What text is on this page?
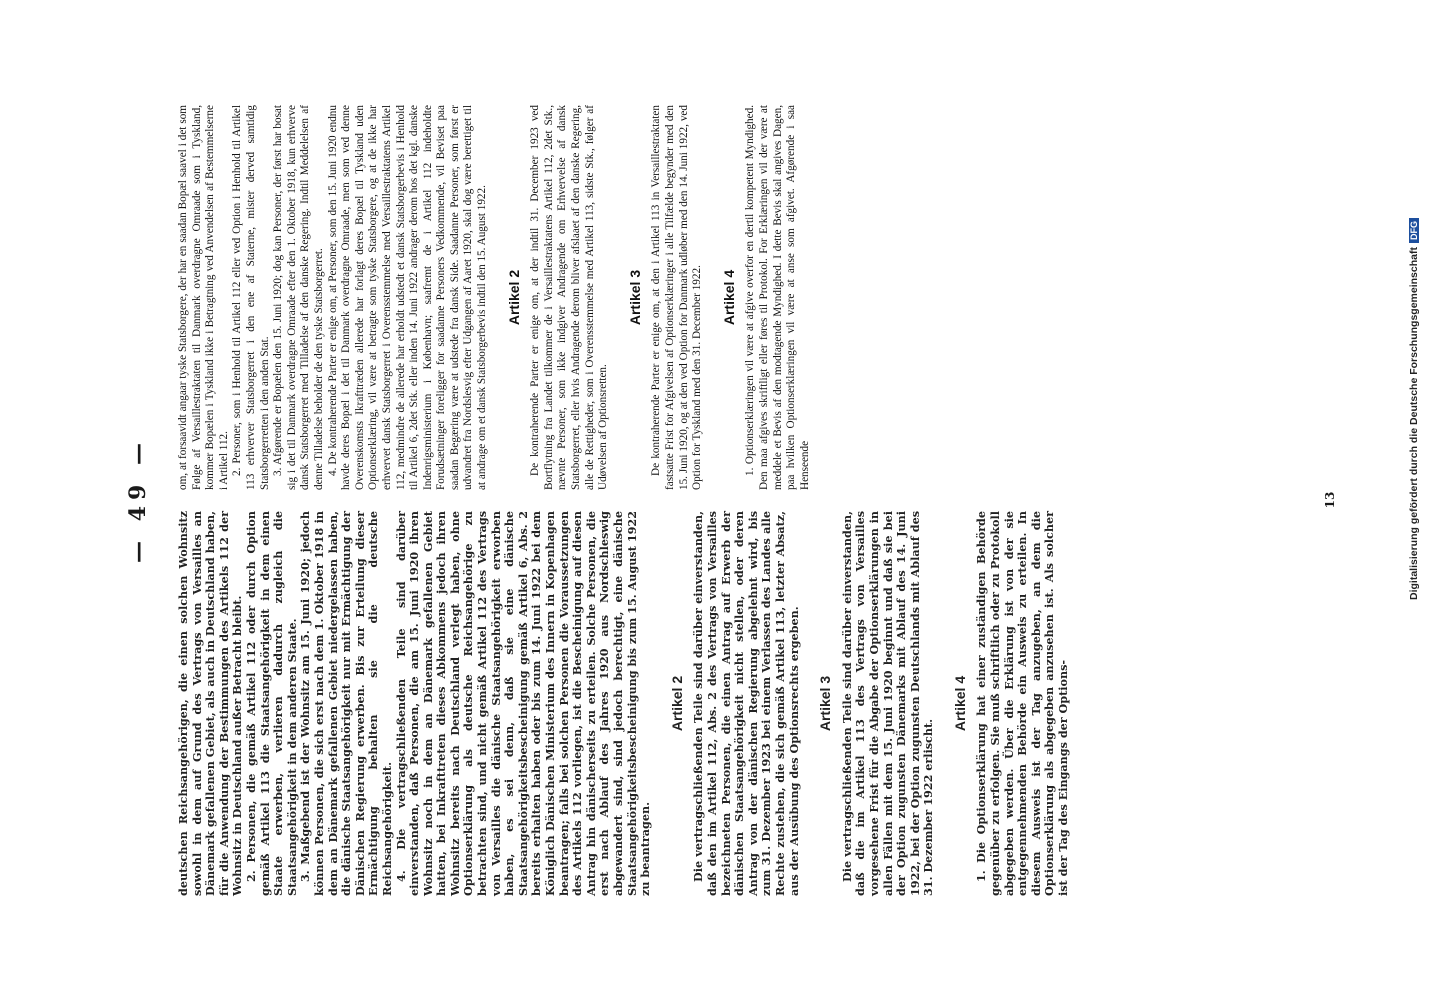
— 49 —

deutschen Reichsangehörigen, die einen solchen Wohnsitz sowohl in dem auf Grund des Vertrags von Versailles an Dänemark gefallenen Gebiet, als auch in Deutschland haben, für die Anwendung der Bestimmungen des Artikels 112 der Wohnsitz in Deutschland außer Betracht bleibt. 2. Personen, die gemäß Artikel 112 oder durch Option gemäß Artikel 113 die Staatsangehörigkeit in dem einen Staate erwerben, verlieren dadurch zugleich die Staatsangehörigkeit in dem anderen Staate. 3. Maßgebend ist der Wohnsitz am 15. Juni 1920; jedoch können Personen, die sich erst nach dem 1. Oktober 1918 in dem an Dänemark gefallenen Gebiet niedergelassen haben, die dänische Staatsangehörigkeit nur mit Ermächtigung der Dänischen Regierung erwerben. Bis zur Erteilung dieser Ermächtigung behalten sie die deutsche Reichsangehörigkeit. 4. Die vertragschließenden Teile sind darüber einverstanden, daß Personen, die am 15. Juni 1920 ihren Wohnsitz noch in dem an Dänemark gefallenen Gebiet hatten, bei Inkrafttreten dieses Abkommens jedoch ihren Wohnsitz bereits nach Deutschland verlegt haben, ohne Optionserklärung als deutsche Reichsangehörige zu betrachten sind, und nicht gemäß Artikel 112 des Vertrags von Versailles die dänische Staatsangehörigkeit erworben haben, es sei denn, daß sie eine dänische Staatsangehörigkeitsbescheinigung gemäß Artikel 6, Abs. 2 bereits erhalten haben oder bis zum 14. Juni 1922 bei dem Königlich Dänischen Ministerium des Innern in Kopenhagen beantragen; falls bei solchen Personen die Voraussetzungen des Artikels 112 vorliegen, ist die Bescheinigung auf diesen Antrag hin dänischerseits zu erteilen. Solche Personen, die erst nach Ablauf des Jahres 1920 aus Nordschleswig abgewandert sind, sind jedoch berechtigt, eine dänische Staatsangehörigkeitsbescheinigung bis zum 15. August 1922 zu beantragen.

Artikel 2 Die vertragschließenden Teile sind darüber einverstanden, daß den im Artikel 112, Abs. 2 des Vertrags von Versailles bezeichneten Personen, die einen Antrag auf Erwerb der dänischen Staatsangehörigkeit nicht stellen, oder deren Antrag von der dänischen Regierung abgelehnt wird, bis zum 31. Dezember 1923 bei einem Verlassen des Landes alle Rechte zustehen, die sich gemäß Artikel 113, letzter Absatz, aus der Ausübung des Optionsrechts ergeben. Artikel 3 Die vertragschließenden Teile sind darüber einverstanden, daß die im Artikel 113 des Vertrags von Versailles vorgesehene Frist für die Abgabe der Optionserklärungen in allen Fällen mit dem 15. Juni 1920 beginnt und daß sie bei der Option zugunsten Dänemarks mit Ablauf des 14. Juni 1922, bei der Option zugunsten Deutschlands mit Ablauf des 31. Dezember 1922 erlischt.

Artikel 4 1. Die Optionserklärung hat einer zuständigen Behörde gegenüber zu erfolgen. Sie muß schriftlich oder zu Protokoll abgegeben werden. Über die Erklärung ist von der sie entgegennehmenden Behörde ein Ausweis zu erteilen. In diesem Ausweis ist der Tag anzugeben, an dem die Optionserklärung als abgegeben anzusehen ist. Als solcher ist der Tag des Eingangs der Options-

om, at forsaavidt angaar tyske Statsborgere, der har en saadan Bopæl saavel i det som Følge af Versaillestraktaten til Danmark overdragne Omraade som i Tyskland, kommer Bopælen i Tyskland ikke i Betragtning ved Anvendelsen af Bestemmelserne i Artikel 112. 2. Personer, som i Henhold til Artikel 112 eller ved Option i Henhold til Artikel 113 erhverver Statsborgerret i den ene af Staterne, mister derved samtidig Statsborgerretten i den anden Stat. 3. Afgørende er Bopælen den 15. Juni 1920; dog kan Personer, der først har bosat sig i det til Danmark overdragne Omraade efter den 1. Oktober 1918, kun erhverve dansk Statsborgerret med Tilladelse af den danske Regering. Indtil Meddelelsen af denne Tilladelse beholder de den tyske Statsborgerret. 4. De kontraherende Parter er enige om, at Personer, som den 15. Juni 1920 endnu havde deres Bopæl i det til Danmark overdragne Omraade, men som ved denne Overenskomsts Ikrafttræden allerede har forlagt deres Bopæl til Tyskland uden Optionserklæring, vil være at betragte som tyske Statsborgere, og at de ikke har erhvervet dansk Statsborgerret i Overensstemmelse med Versaillestraktatens Artikel 112, medmindre de allerede har erholdt udstedt et dansk Statsborgerbevis i Henhold til Artikel 6, 2det Stk. eller inden 14. Juni 1922 andrager derom hos det kgl. danske Indenrigsministerium i København; saafremt de i Artikel 112 indeholdte Forudsætninger foreligger for saadanne Personers Vedkommende, vil Beviset paa saadan Begæring være at udstede fra dansk Side. Saadanne Personer, som først er udvandret fra Nordslesvig efter Udgangen af Aaret 1920, skal dog være berettiget til at andrage om et dansk Statsborgerbevis indtil den 15. August 1922. Artikel 2 De kontraherende Parter er enige om, at der indtil 31. December 1923 ved Bortflytning fra Landet tilkommer de i Versaillestraktatens Artikel 112, 2det Stk., nævnte Personer, som ikke indgiver Andragende om Erhvervelse af dansk Statsborgerret, eller hvis Andragende derom bliver afslaaet af den danske Regering, alle de Rettigheder, som i Overensstemmelse med Artikel 113, sidste Stk., følger af Udøvelsen af Optionsretten.

Artikel 3 De kontraherende Parter er enige om, at den i Artikel 113 in Versaillestraktaten fastsatte Frist for Afgivelsen af Optionserklæringer i alle Tilfælde begynder med den 15. Juni 1920, og at den ved Option for Danmark udløber med den 14. Juni 1922, ved Option for Tyskland med den 31. December 1922. Artikel 4 1. Optionserklæringen vil være at afgive overfor en dertil kompetent Myndighed. Den maa afgives skriftligt eller føres til Protokol. For Erklæringen vil der være at meddele et Bevis af den modtagende Myndighed. I dette Bevis skal angives Dagen, paa hvilken Optionserklæringen vil være at anse som afgivet. Afgørende i saa Henseende

13	Digitalisierung gefördert durch die Deutsche ForschungsgemeinschaftDFG
